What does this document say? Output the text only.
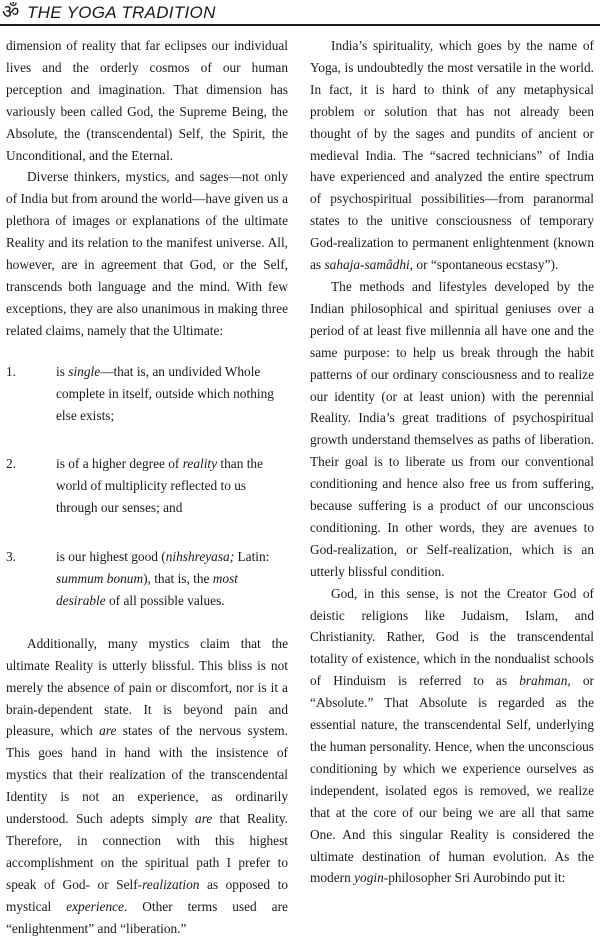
ॐ THE YOGA TRADITION

dimension of reality that far eclipses our individual lives and the orderly cosmos of our human perception and imagination. That dimension has variously been called God, the Supreme Being, the Absolute, the (transcendental) Self, the Spirit, the Unconditional, and the Eternal.

Diverse thinkers, mystics, and sages—not only of India but from around the world—have given us a plethora of images or explanations of the ultimate Reality and its relation to the manifest universe. All, however, are in agreement that God, or the Self, transcends both language and the mind. With few exceptions, they are also unanimous in making three related claims, namely that the Ultimate:

1.	is single—that is, an undivided Whole complete in itself, outside which nothing else exists;
2.	is of a higher degree of reality than the world of multiplicity reflected to us through our senses; and
3.	is our highest good (nihshreyasa; Latin: summum bonum), that is, the most desirable of all possible values.

Additionally, many mystics claim that the ultimate Reality is utterly blissful. This bliss is not merely the absence of pain or discomfort, nor is it a brain-dependent state. It is beyond pain and pleasure, which are states of the nervous system. This goes hand in hand with the insistence of mystics that their realization of the transcendental Identity is not an experience, as ordinarily understood. Such adepts simply are that Reality. Therefore, in connection with this highest accomplishment on the spiritual path I prefer to speak of God- or Self-realization as opposed to mystical experience. Other terms used are “enlightenment” and “liberation.”

India’s spirituality, which goes by the name of Yoga, is undoubtedly the most versatile in the world. In fact, it is hard to think of any metaphysical problem or solution that has not already been thought of by the sages and pundits of ancient or medieval India. The “sacred technicians” of India have experienced and analyzed the entire spectrum of psychospiritual possibilities—from paranormal states to the unitive consciousness of temporary God-realization to permanent enlightenment (known as sahaja-samâdhi, or “spontaneous ecstasy”).

The methods and lifestyles developed by the Indian philosophical and spiritual geniuses over a period of at least five millennia all have one and the same purpose: to help us break through the habit patterns of our ordinary consciousness and to realize our identity (or at least union) with the perennial Reality. India’s great traditions of psychospiritual growth understand themselves as paths of liberation. Their goal is to liberate us from our conventional conditioning and hence also free us from suffering, because suffering is a product of our unconscious conditioning. In other words, they are avenues to God-realization, or Self-realization, which is an utterly blissful condition.

God, in this sense, is not the Creator God of deistic religions like Judaism, Islam, and Christianity. Rather, God is the transcendental totality of existence, which in the nondualist schools of Hinduism is referred to as brahman, or “Absolute.” That Absolute is regarded as the essential nature, the transcendental Self, underlying the human personality. Hence, when the unconscious conditioning by which we experience ourselves as independent, isolated egos is removed, we realize that at the core of our being we are all that same One. And this singular Reality is considered the ultimate destination of human evolution. As the modern yogin-philosopher Sri Aurobindo put it:
